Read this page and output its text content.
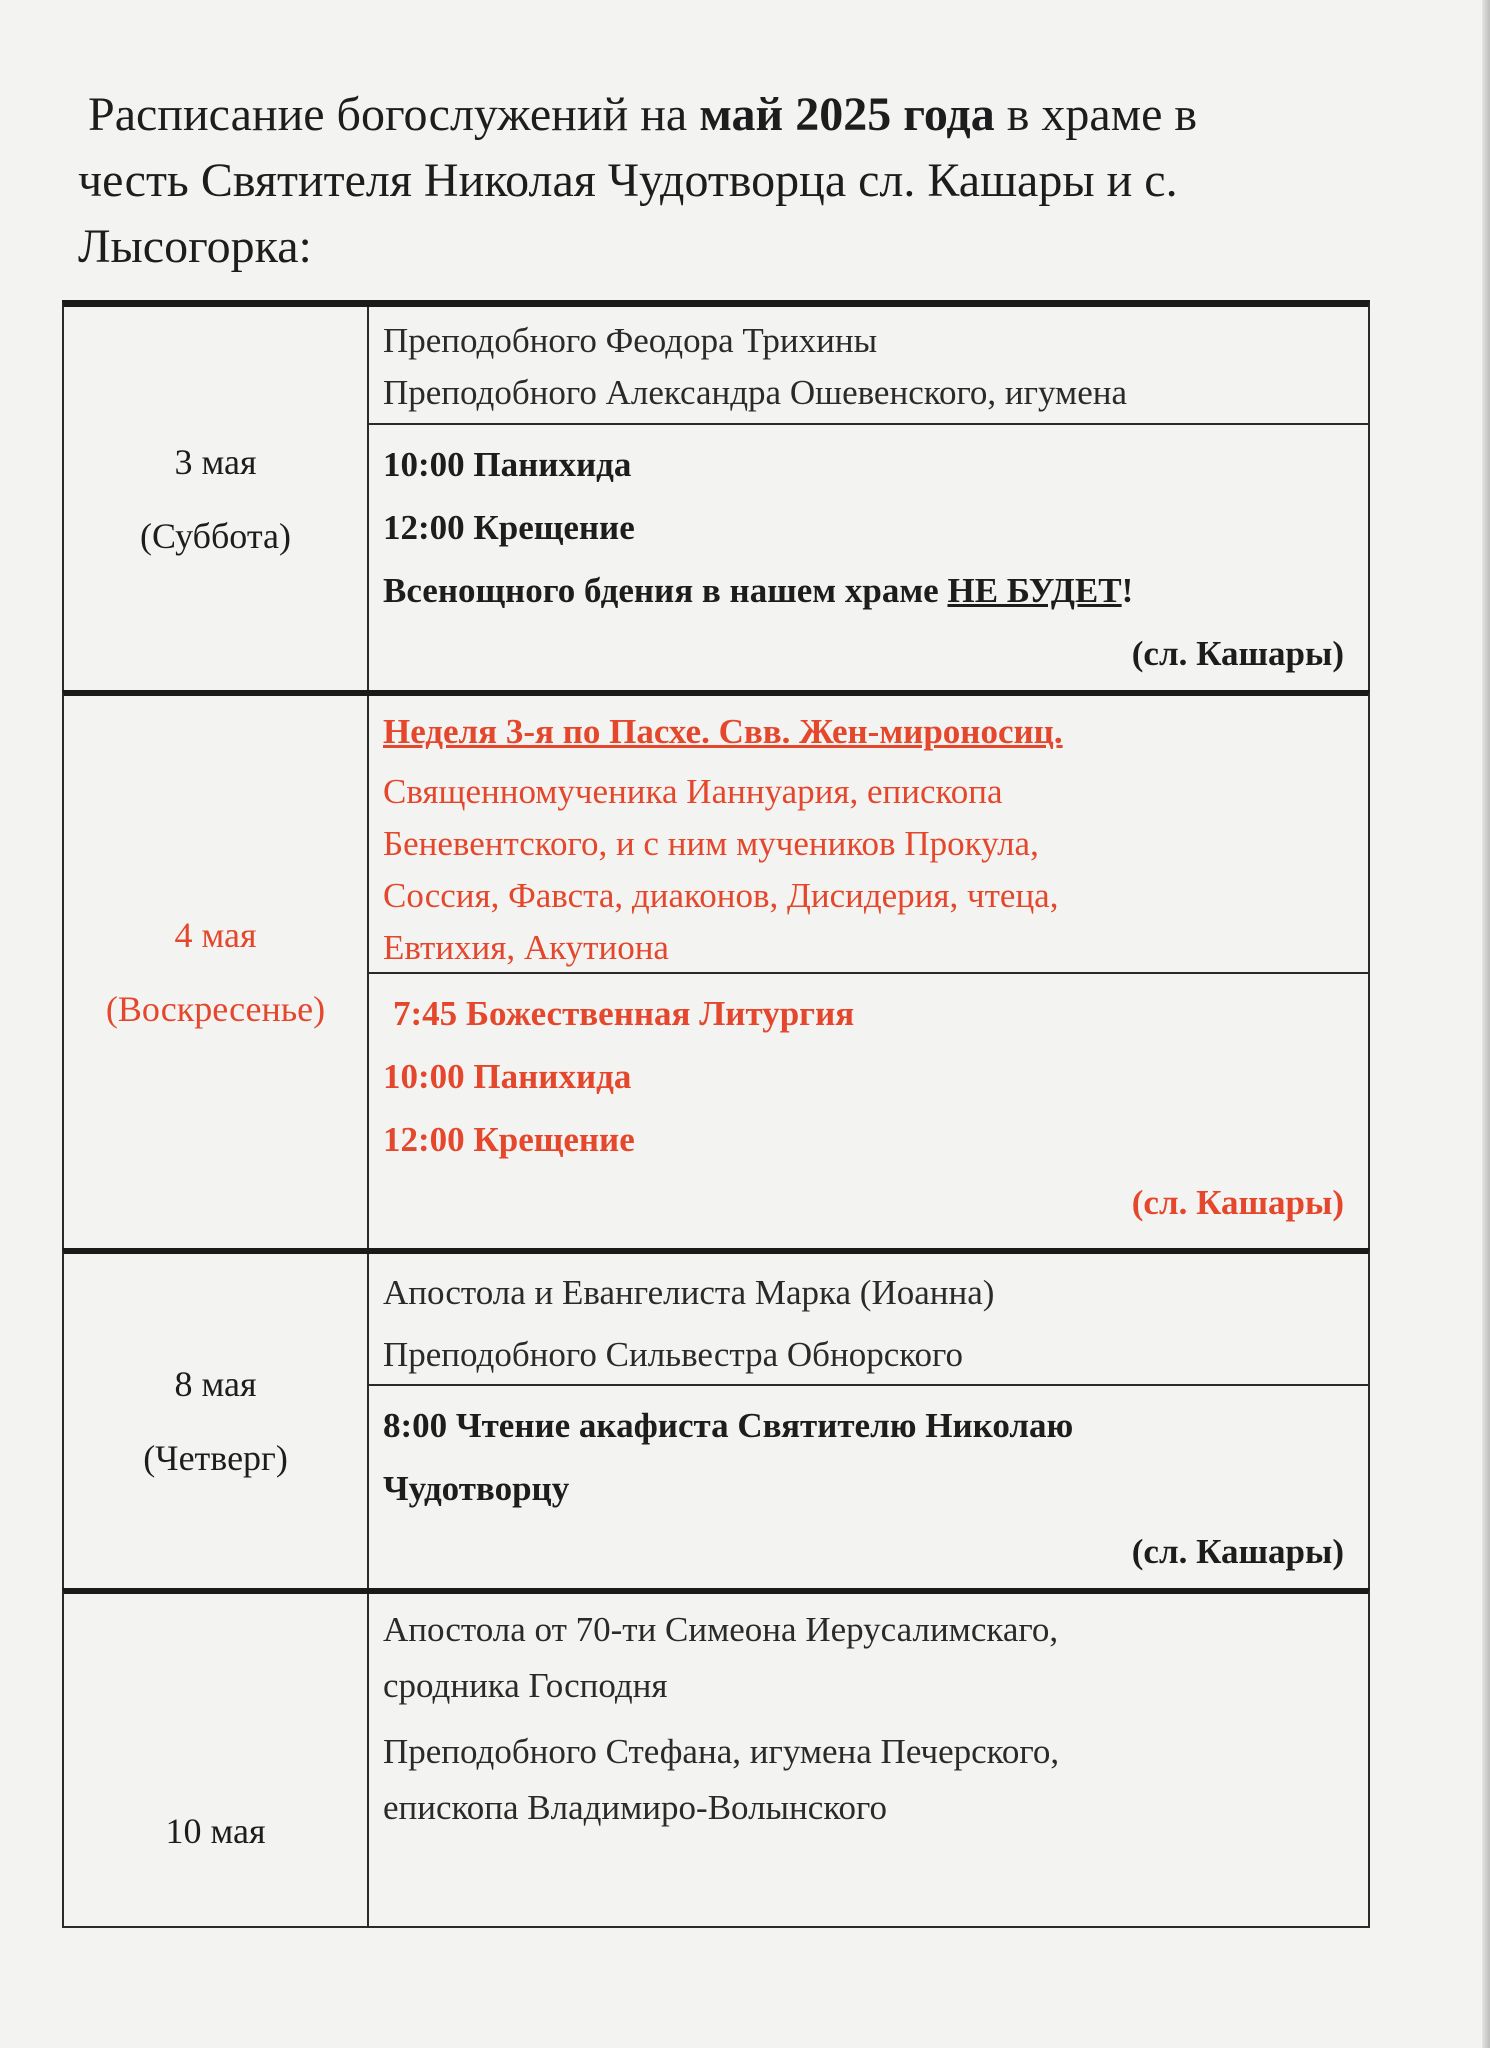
Расписание богослужений на май 2025 года в храме в
честь Святителя Николая Чудотворца сл. Кашары и с.
Лысогорка:
3 мая
(Суббота)
Преподобного Феодора Трихины
Преподобного Александра Ошевенского, игумена
10:00 Панихида
12:00 Крещение
Всенощного бдения в нашем храме НЕ БУДЕТ!
(сл. Кашары)
4 мая
(Воскресенье)
Неделя 3-я по Пасхе. Свв. Жен-мироносиц.
Священномученика Ианнуария, епископа
Беневентского, и с ним мучеников Прокула,
Соссия, Фавста, диаконов, Дисидерия, чтеца,
Евтихия, Акутиона
7:45 Божественная Литургия
10:00 Панихида
12:00 Крещение
(сл. Кашары)
8 мая
(Четверг)
Апостола и Евангелиста Марка (Иоанна)
Преподобного Сильвестра Обнорского
8:00 Чтение акафиста Святителю Николаю
Чудотворцу
(сл. Кашары)
10 мая
Апостола от 70-ти Симеона Иерусалимскаго,
сродника Господня
Преподобного Стефана, игумена Печерского,
епископа Владимиро-Волынского
